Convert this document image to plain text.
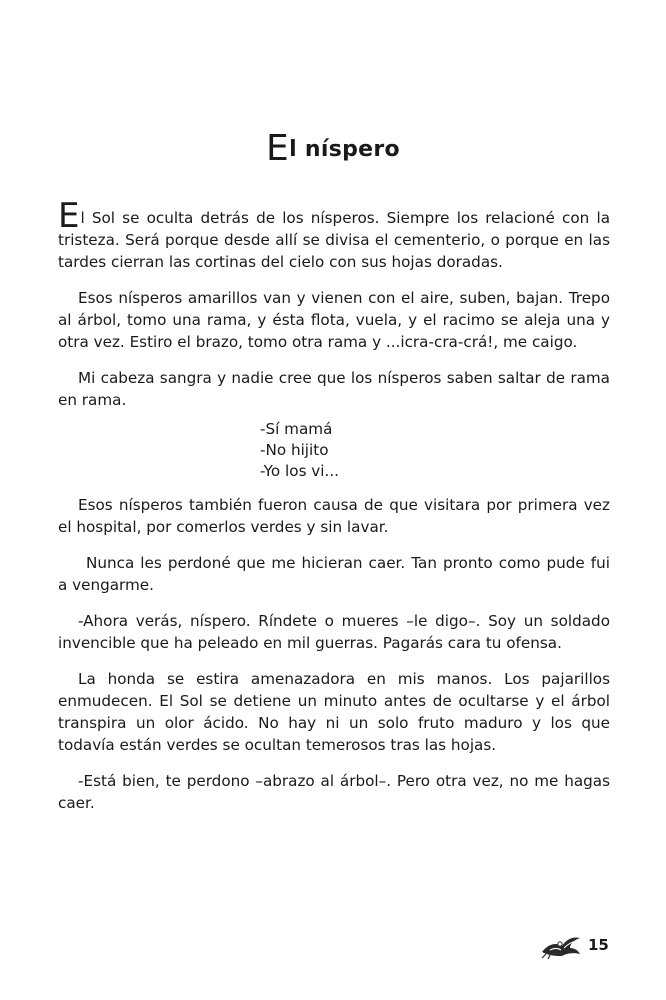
El níspero

El Sol se oculta detrás de los nísperos. Siempre los relacioné con la tristeza. Será porque desde allí se divisa el cementerio, o porque en las tardes cierran las cortinas del cielo con sus hojas doradas.

Esos nísperos amarillos van y vienen con el aire, suben, bajan. Trepo al árbol, tomo una rama, y ésta flota, vuela, y el racimo se aleja una y otra vez. Estiro el brazo, tomo otra rama y ...icra-cra-crá!, me caigo.

Mi cabeza sangra y nadie cree que los nísperos saben saltar de rama en rama.

-Sí mamá
-No hijito
-Yo los vi...

Esos nísperos también fueron causa de que visitara por primera vez el hospital, por comerlos verdes y sin lavar.

Nunca les perdoné que me hicieran caer. Tan pronto como pude fui a vengarme.

-Ahora verás, níspero. Ríndete o mueres –le digo–. Soy un soldado invencible que ha peleado en mil guerras. Pagarás cara tu ofensa.

La honda se estira amenazadora en mis manos. Los pajarillos enmudecen. El Sol se detiene un minuto antes de ocultarse y el árbol transpira un olor ácido. No hay ni un solo fruto maduro y los que todavía están verdes se ocultan temerosos tras las hojas.

-Está bien, te perdono –abrazo al árbol–. Pero otra vez, no me hagas caer.

15
